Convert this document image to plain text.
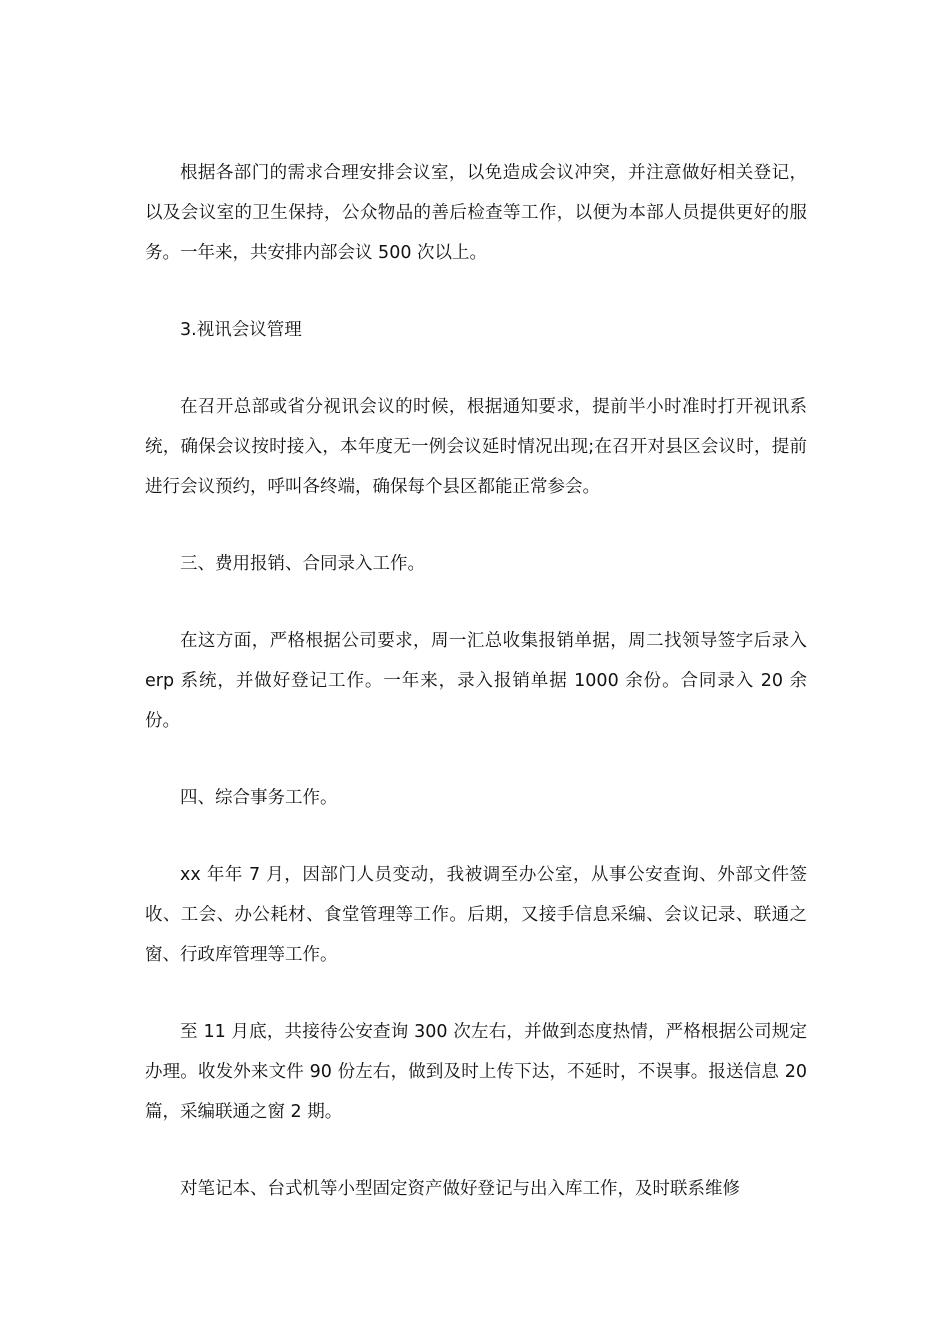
根据各部门的需求合理安排会议室，以免造成会议冲突，并注意做好相关登记，以及会议室的卫生保持，公众物品的善后检查等工作，以便为本部人员提供更好的服务。一年来，共安排内部会议 500 次以上。

3.视讯会议管理

在召开总部或省分视讯会议的时候，根据通知要求，提前半小时准时打开视讯系统，确保会议按时接入，本年度无一例会议延时情况出现;在召开对县区会议时，提前进行会议预约，呼叫各终端，确保每个县区都能正常参会。

三、费用报销、合同录入工作。

在这方面，严格根据公司要求，周一汇总收集报销单据，周二找领导签字后录入 erp 系统，并做好登记工作。一年来，录入报销单据 1000 余份。合同录入 20 余份。

四、综合事务工作。

xx 年年 7 月，因部门人员变动，我被调至办公室，从事公安查询、外部文件签收、工会、办公耗材、食堂管理等工作。后期，又接手信息采编、会议记录、联通之窗、行政库管理等工作。

至 11 月底，共接待公安查询 300 次左右，并做到态度热情，严格根据公司规定办理。收发外来文件 90 份左右，做到及时上传下达，不延时，不误事。报送信息 20 篇，采编联通之窗 2 期。

对笔记本、台式机等小型固定资产做好登记与出入库工作，及时联系维修
